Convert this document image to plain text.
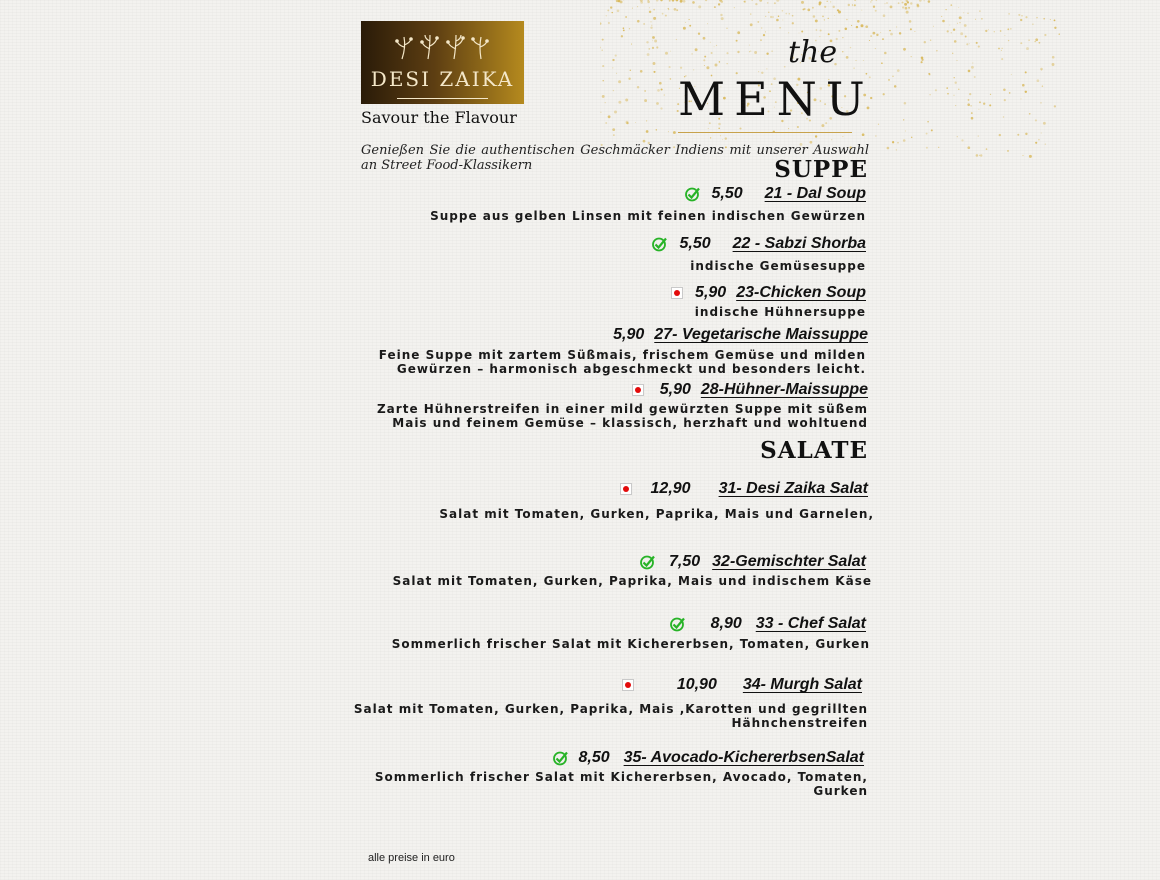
DESI ZAIKA
Savour the Flavour
the
MENU
Genießen Sie die authentischen Geschmäcker Indiens mit unserer Auswahl an Street Food-Klassikern	SUPPE
5,50 21 - Dal Soup
Suppe aus gelben Linsen mit feinen indischen Gewürzen
5,50 22 - Sabzi Shorba
indische Gemüsesuppe
5,90 23-Chicken Soup
indische Hühnersuppe
5,90 27- Vegetarische Maissuppe
Feine Suppe mit zartem Süßmais, frischem Gemüse und milden
Gewürzen – harmonisch abgeschmeckt und besonders leicht.
5,90 28-Hühner-Maissuppe
Zarte Hühnerstreifen in einer mild gewürzten Suppe mit süßem
Mais und feinem Gemüse – klassisch, herzhaft und wohltuend
SALATE
12,90 31- Desi Zaika Salat
Salat mit Tomaten, Gurken, Paprika, Mais und Garnelen,
7,50 32-Gemischter Salat
Salat mit Tomaten, Gurken, Paprika, Mais und indischem Käse
8,90 33 - Chef Salat
Sommerlich frischer Salat mit Kichererbsen, Tomaten, Gurken
10,90 34- Murgh Salat
Salat mit Tomaten, Gurken, Paprika, Mais ,Karotten und gegrillten
Hähnchenstreifen
8,50 35- Avocado-KichererbsenSalat
Sommerlich frischer Salat mit Kichererbsen, Avocado, Tomaten,
Gurken
alle preise in euro
